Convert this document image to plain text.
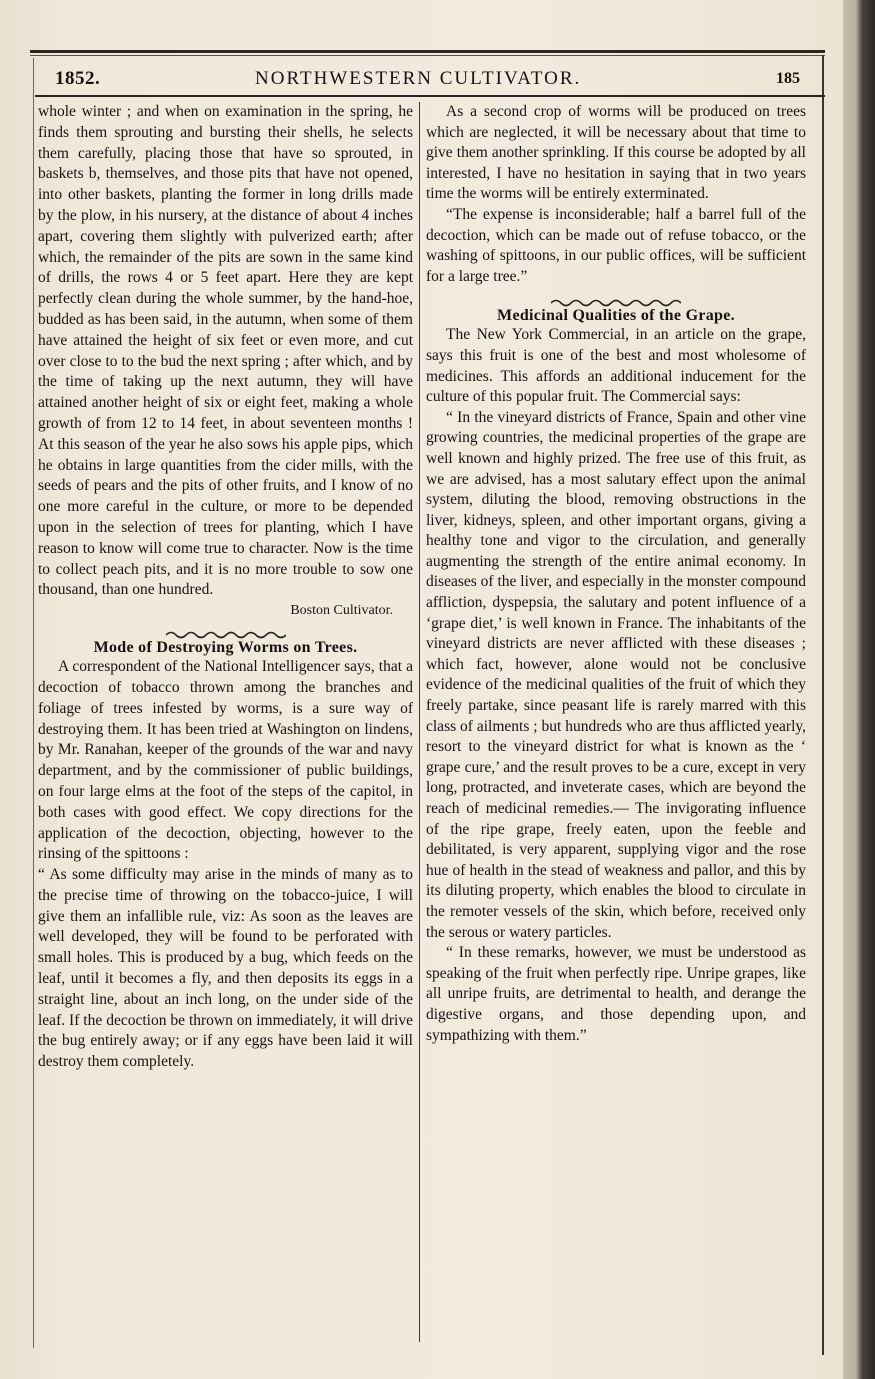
1852.	NORTHWESTERN CULTIVATOR.	185

whole winter ; and when on examination in the spring, he finds them sprouting and bursting their shells, he selects them carefully, placing those that have so sprouted, in baskets b, themselves, and those pits that have not opened, into other baskets, planting the former in long drills made by the plow, in his nursery, at the distance of about 4 inches apart, covering them slightly with pulverized earth; after which, the remainder of the pits are sown in the same kind of drills, the rows 4 or 5 feet apart. Here they are kept perfectly clean during the whole summer, by the hand-hoe, budded as has been said, in the autumn, when some of them have attained the height of six feet or even more, and cut over close to to the bud the next spring ; after which, and by the time of taking up the next autumn, they will have attained another height of six or eight feet, making a whole growth of from 12 to 14 feet, in about seventeen months ! At this season of the year he also sows his apple pips, which he obtains in large quantities from the cider mills, with the seeds of pears and the pits of other fruits, and I know of no one more careful in the culture, or more to be depended upon in the selection of trees for planting, which I have reason to know will come true to character. Now is the time to collect peach pits, and it is no more trouble to sow one thousand, than one hundred.

Boston Cultivator.

Mode of Destroying Worms on Trees.

A correspondent of the National Intelligencer says, that a decoction of tobacco thrown among the branches and foliage of trees infested by worms, is a sure way of destroying them. It has been tried at Washington on lindens, by Mr. Ranahan, keeper of the grounds of the war and navy department, and by the commissioner of public buildings, on four large elms at the foot of the steps of the capitol, in both cases with good effect. We copy directions for the application of the decoction, objecting, however to the rinsing of the spittoons :

“ As some difficulty may arise in the minds of many as to the precise time of throwing on the tobacco-juice, I will give them an infallible rule, viz: As soon as the leaves are well developed, they will be found to be perforated with small holes. This is produced by a bug, which feeds on the leaf, until it becomes a fly, and then deposits its eggs in a straight line, about an inch long, on the under side of the leaf. If the decoction be thrown on immediately, it will drive the bug entirely away; or if any eggs have been laid it will destroy them completely.

As a second crop of worms will be produced on trees which are neglected, it will be necessary about that time to give them another sprinkling. If this course be adopted by all interested, I have no hesitation in saying that in two years time the worms will be entirely exterminated.

“The expense is inconsiderable; half a barrel full of the decoction, which can be made out of refuse tobacco, or the washing of spittoons, in our public offices, will be sufficient for a large tree.”

Medicinal Qualities of the Grape.

The New York Commercial, in an article on the grape, says this fruit is one of the best and most wholesome of medicines. This affords an additional inducement for the culture of this popular fruit. The Commercial says:

“ In the vineyard districts of France, Spain and other vine growing countries, the medicinal properties of the grape are well known and highly prized. The free use of this fruit, as we are advised, has a most salutary effect upon the animal system, diluting the blood, removing obstructions in the liver, kidneys, spleen, and other important organs, giving a healthy tone and vigor to the circulation, and generally augmenting the strength of the entire animal economy. In diseases of the liver, and especially in the monster compound affliction, dyspepsia, the salutary and potent influence of a ‘grape diet,’ is well known in France. The inhabitants of the vineyard districts are never afflicted with these diseases ; which fact, however, alone would not be conclusive evidence of the medicinal qualities of the fruit of which they freely partake, since peasant life is rarely marred with this class of ailments ; but hundreds who are thus afflicted yearly, resort to the vineyard district for what is known as the ‘ grape cure,’ and the result proves to be a cure, except in very long, protracted, and inveterate cases, which are beyond the reach of medicinal remedies.— The invigorating influence of the ripe grape, freely eaten, upon the feeble and debilitated, is very apparent, supplying vigor and the rose hue of health in the stead of weakness and pallor, and this by its diluting property, which enables the blood to circulate in the remoter vessels of the skin, which before, received only the serous or watery particles.

“ In these remarks, however, we must be understood as speaking of the fruit when perfectly ripe. Unripe grapes, like all unripe fruits, are detrimental to health, and derange the digestive organs, and those depending upon, and sympathizing with them.”
